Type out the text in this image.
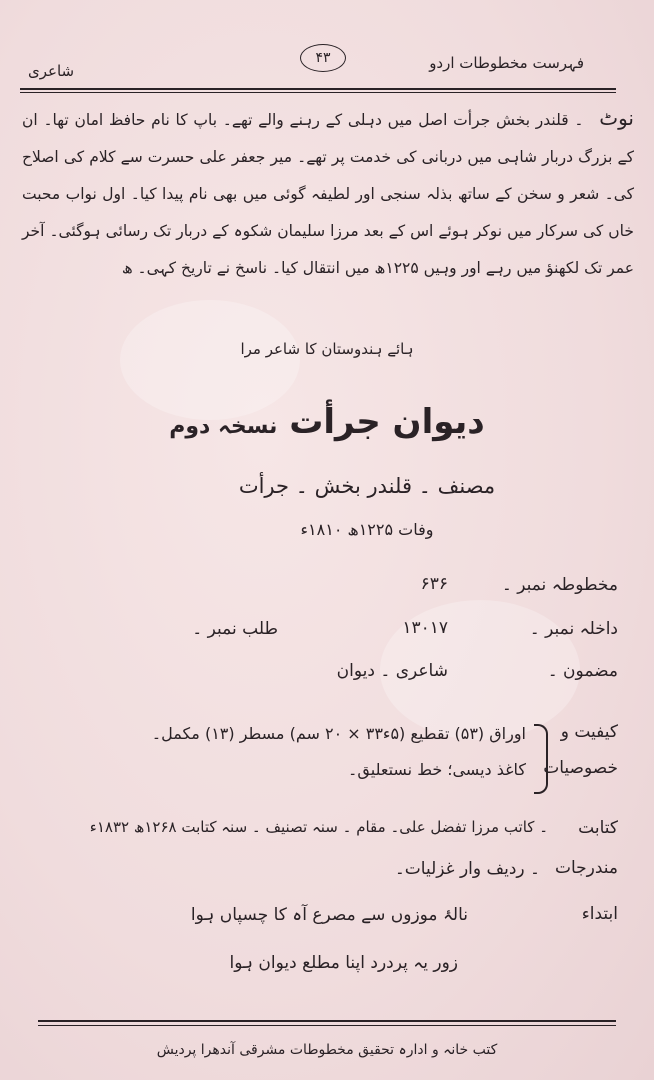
فہرست مخطوطات اردو
۴۳
شاعری
نوٹ ۔ قلندر بخش جرأت اصل میں دہلی کے رہنے والے تھے۔ باپ کا نام حافظ امان تھا۔ ان کے بزرگ دربار شاہی میں دربانی کی خدمت پر تھے۔ میر جعفر علی حسرت سے کلام کی اصلاح کی۔ شعر و سخن کے ساتھ بذلہ سنجی اور لطیفہ گوئی میں بھی نام پیدا کیا۔ اول نواب محبت خاں کی سرکار میں نوکر ہوئے اس کے بعد مرزا سلیمان شکوہ کے دربار تک رسائی ہوگئی۔ آخر عمر تک لکھنؤ میں رہے اور وہیں ۱۲۲۵ھ میں انتقال کیا۔ ناسخ نے تاریخ کہی۔ ھ
ہائے ہندوستان کا شاعر مرا
دیوان جرأت نسخہ دوم
مصنف ۔ قلندر بخش ۔ جرأت
وفات ۱۲۲۵ھ ۱۸۱۰ء
مخطوطہ نمبر ۔
۶۳۶
داخلہ نمبر ۔
۱۳۰۱۷
طلب نمبر ۔
مضمون ۔
شاعری ۔ دیوان
کیفیت و
خصوصیات
اوراق (۵۳) تقطیع (۵ء۳۳ × ۲۰ سم) مسطر (۱۳) مکمل۔
کاغذ دیسی؛ خط نستعلیق۔
کتابت
۔ کاتب مرزا تفضل علی۔ مقام ۔ سنہ تصنیف ۔ سنہ کتابت ۱۲۶۸ھ ۱۸۳۲ء
مندرجات
۔ ردیف وار غزلیات۔
ابتداء
نالۂ موزوں سے مصرع آہ کا چسپاں ہوا
زور یہ پردرد اپنا مطلع دیوان ہوا
کتب خانہ و ادارہ تحقیق مخطوطات مشرقی آندھرا پردیش
